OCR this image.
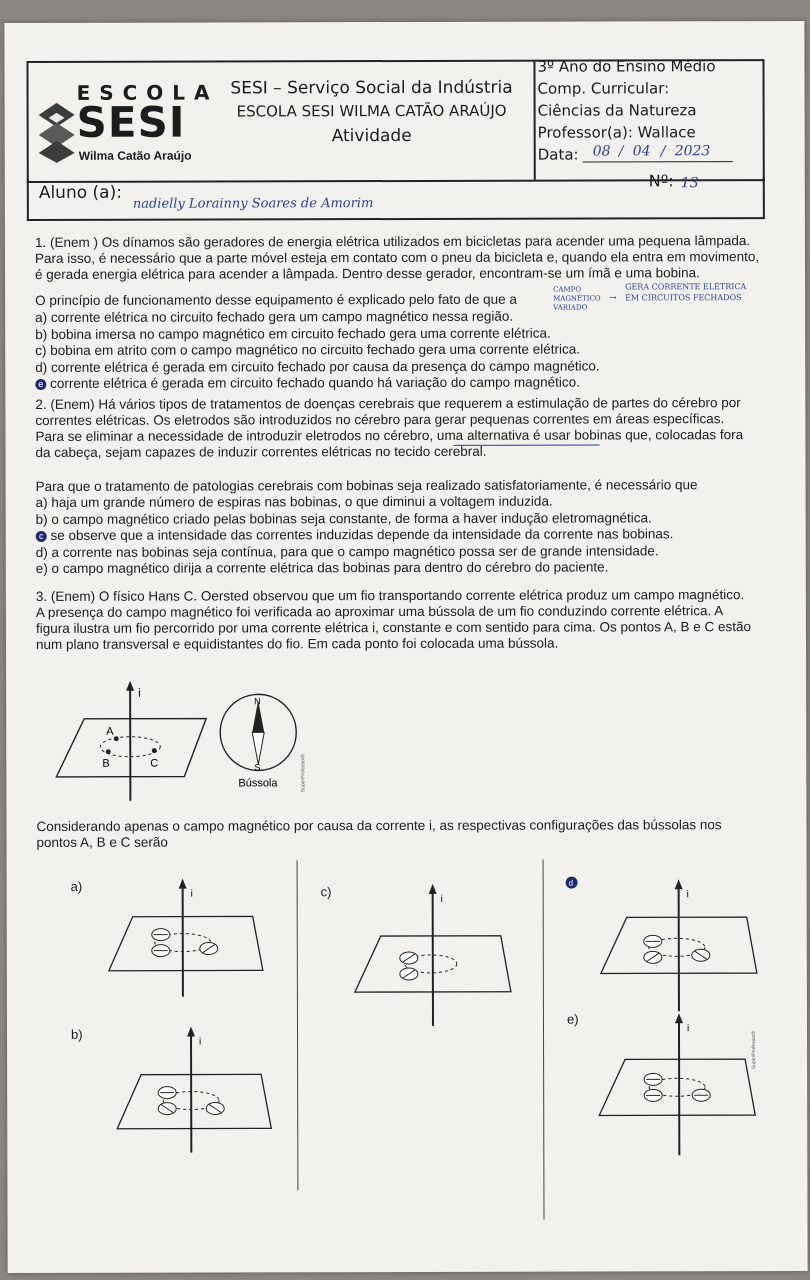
ESCOLA
SESI
Wilma Catão Araújo
SESI – Serviço Social da Indústria
ESCOLA SESI WILMA CATÃO ARAÚJO
Atividade
3º Ano do Ensino Médio
Comp. Curricular:
Ciências da Natureza
Professor(a): Wallace
Data: 08 / 04 / 2023
Aluno (a):
nadielly Lorainny Soares de Amorim
Nº: 13

1. (Enem ) Os dínamos são geradores de energia elétrica utilizados em bicicletas para acender uma pequena lâmpada.

Para isso, é necessário que a parte móvel esteja em contato com o pneu da bicicleta e, quando ela entra em movimento,

é gerada energia elétrica para acender a lâmpada. Dentro desse gerador, encontram-se um ímã e uma bobina.

O princípio de funcionamento desse equipamento é explicado pelo fato de que a
CAMPO
MAGNÉTICO
VARIADO
→
GERA CORRENTE ELÉTRICA
EM CIRCUITOS FECHADOS
a) corrente elétrica no circuito fechado gera um campo magnético nessa região.
b) bobina imersa no campo magnético em circuito fechado gera uma corrente elétrica.
c) bobina em atrito com o campo magnético no circuito fechado gera uma corrente elétrica.
d) corrente elétrica é gerada em circuito fechado por causa da presença do campo magnético.
e corrente elétrica é gerada em circuito fechado quando há variação do campo magnético.

2. (Enem) Há vários tipos de tratamentos de doenças cerebrais que requerem a estimulação de partes do cérebro por

correntes elétricas. Os eletrodos são introduzidos no cérebro para gerar pequenas correntes em áreas específicas.

Para se eliminar a necessidade de introduzir eletrodos no cérebro, uma alternativa é usar bobinas que, colocadas fora

da cabeça, sejam capazes de induzir correntes elétricas no tecido cerebral.

Para que o tratamento de patologias cerebrais com bobinas seja realizado satisfatoriamente, é necessário que
a) haja um grande número de espiras nas bobinas, o que diminui a voltagem induzida.
b) o campo magnético criado pelas bobinas seja constante, de forma a haver indução eletromagnética.
c se observe que a intensidade das correntes induzidas depende da intensidade da corrente nas bobinas.
d) a corrente nas bobinas seja contínua, para que o campo magnético possa ser de grande intensidade.
e) o campo magnético dirija a corrente elétrica das bobinas para dentro do cérebro do paciente.

3. (Enem) O físico Hans C. Oersted observou que um fio transportando corrente elétrica produz um campo magnético.

A presença do campo magnético foi verificada ao aproximar uma bússola de um fio conduzindo corrente elétrica. A

figura ilustra um fio percorrido por uma corrente elétrica i, constante e com sentido para cima. Os pontos A, B e C estão

num plano transversal e equidistantes do fio. Em cada ponto foi colocada uma bússola.

i
A
B	C
N
S
Bússola	SuperProfessor®

Considerando apenas o campo magnético por causa da corrente i, as respectivas configurações das bússolas nos

pontos A, B e C serão

a)
i
b)
i
c)
i
d
i
e)
i
SuperProfessor®
